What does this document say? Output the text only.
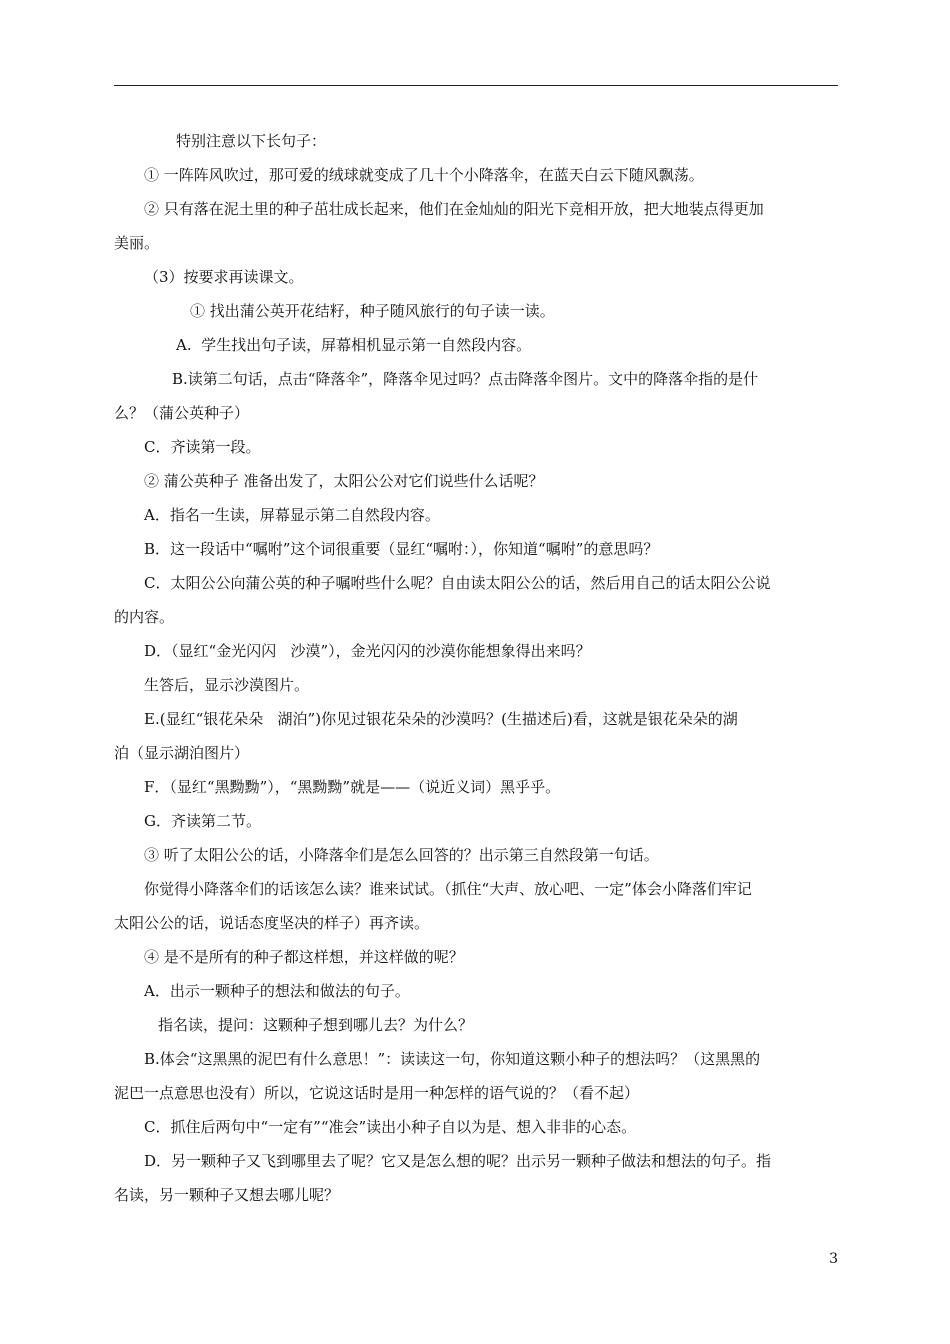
特别注意以下长句子：
① 一阵阵风吹过，那可爱的绒球就变成了几十个小降落伞，在蓝天白云下随风飘荡。
② 只有落在泥土里的种子茁壮成长起来，他们在金灿灿的阳光下竞相开放，把大地装点得更加
美丽。
（3）按要求再读课文。
① 找出蒲公英开花结籽，种子随风旅行的句子读一读。
A.  学生找出句子读，屏幕相机显示第一自然段内容。
B.读第二句话，点击“降落伞”，降落伞见过吗？点击降落伞图片。文中的降落伞指的是什
么？（蒲公英种子）
C．齐读第一段。
② 蒲公英种子 准备出发了，太阳公公对它们说些什么话呢？
A．指名一生读，屏幕显示第二自然段内容。
B．这一段话中“嘱咐”这个词很重要（显红“嘱咐：），你知道“嘱咐”的意思吗？
C．太阳公公向蒲公英的种子嘱咐些什么呢？自由读太阳公公的话，然后用自己的话太阳公公说
的内容。
D．（显红“金光闪闪   沙漠”），金光闪闪的沙漠你能想象得出来吗？
生答后，显示沙漠图片。
E.(显红“银花朵朵   湖泊”)你见过银花朵朵的沙漠吗？(生描述后)看，这就是银花朵朵的湖
泊（显示湖泊图片）
F．（显红“黑黝黝”），“黑黝黝”就是——（说近义词）黑乎乎。
G．齐读第二节。
③ 听了太阳公公的话，小降落伞们是怎么回答的？出示第三自然段第一句话。
你觉得小降落伞们的话该怎么读？谁来试试。（抓住“大声、放心吧、一定”体会小降落们牢记
太阳公公的话，说话态度坚决的样子）再齐读。
④ 是不是所有的种子都这样想，并这样做的呢？
A．出示一颗种子的想法和做法的句子。
指名读，提问：这颗种子想到哪儿去？为什么？
B.体会“这黑黑的泥巴有什么意思！”：读读这一句，你知道这颗小种子的想法吗？（这黑黑的
泥巴一点意思也没有）所以，它说这话时是用一种怎样的语气说的？（看不起）
C．抓住后两句中“一定有”“准会”读出小种子自以为是、想入非非的心态。
D．另一颗种子又飞到哪里去了呢？它又是怎么想的呢？出示另一颗种子做法和想法的句子。指
名读，另一颗种子又想去哪儿呢？
3
